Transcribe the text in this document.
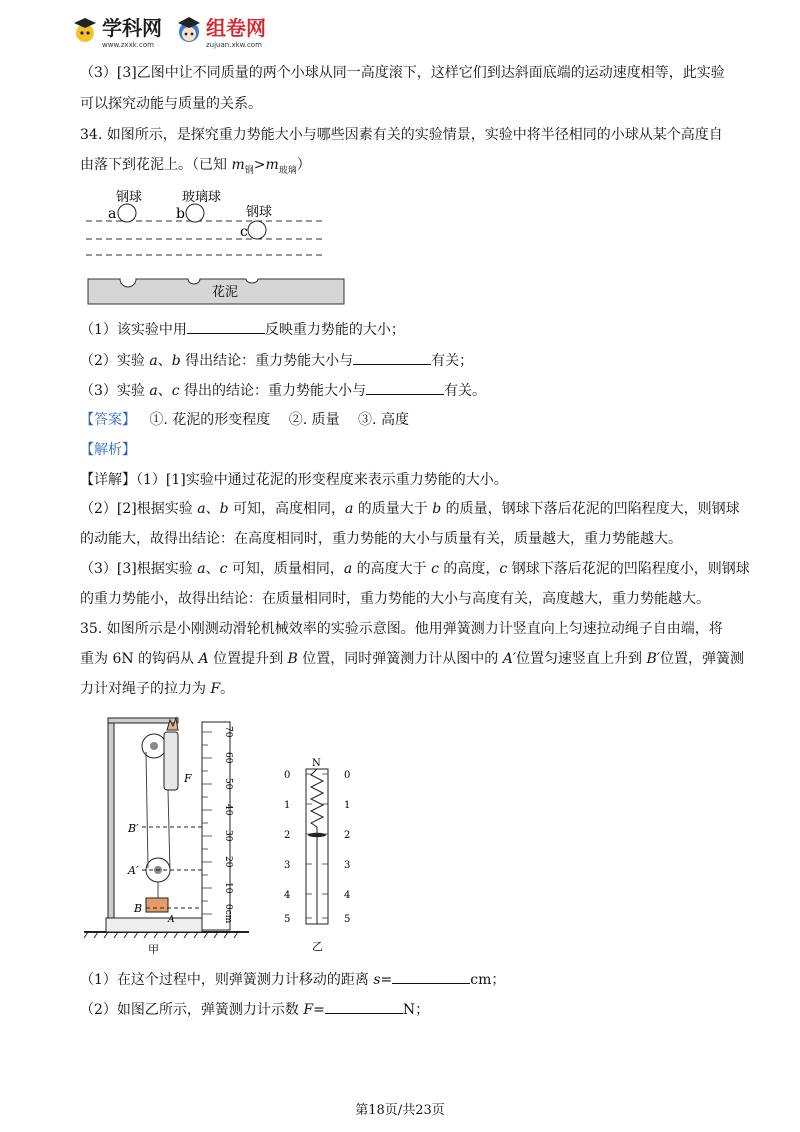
学科网
www.zxxk.com
组卷网
zujuan.xkw.com
（3）[3]乙图中让不同质量的两个小球从同一高度滚下，这样它们到达斜面底端的运动速度相等，此实验
可以探究动能与质量的关系。
34. 如图所示，是探究重力势能大小与哪些因素有关的实验情景，实验中将半径相同的小球从某个高度自
由落下到花泥上。（已知 $m_钢>m_{玻璃}$）
钢球	玻璃球
钢球
a	b
c
花泥
（1）该实验中用	反映重力势能的大小；
（2）实验 a、b 得出结论：重力势能大小与	有关；
（3）实验 a、c 得出的结论：重力势能大小与	有关。
【答案】 ①. 花泥的形变程度　 ②. 质量　 ③. 高度
【解析】
【详解】（1）[1]实验中通过花泥的形变程度来表示重力势能的大小。
（2）[2]根据实验 a、b 可知，高度相同，a 的质量大于 b 的质量，钢球下落后花泥的凹陷程度大，则钢球
的动能大，故得出结论：在高度相同时，重力势能的大小与质量有关，质量越大，重力势能越大。
（3）[3]根据实验 a、c 可知，质量相同，a 的高度大于 c 的高度，c 钢球下落后花泥的凹陷程度小，则钢球
的重力势能小，故得出结论：在质量相同时，重力势能的大小与高度有关，高度越大，重力势能越大。
35. 如图所示是小刚测动滑轮机械效率的实验示意图。他用弹簧测力计竖直向上匀速拉动绳子自由端，将
重为 6N 的钩码从 A 位置提升到 B 位置，同时弹簧测力计从图中的 A′位置匀速竖直上升到 B′位置，弹簧测
力计对绳子的拉力为 F。
F
B′
A′
B
A
70
60
50
40
30
20
10
0cm
甲
N
0
1
2
3
4
5
0
1
2
3
4
5
乙
（1）在这个过程中，则弹簧测力计移动的距离 s=	cm；
（2）如图乙所示，弹簧测力计示数 F=	N；
第18页/共23页
